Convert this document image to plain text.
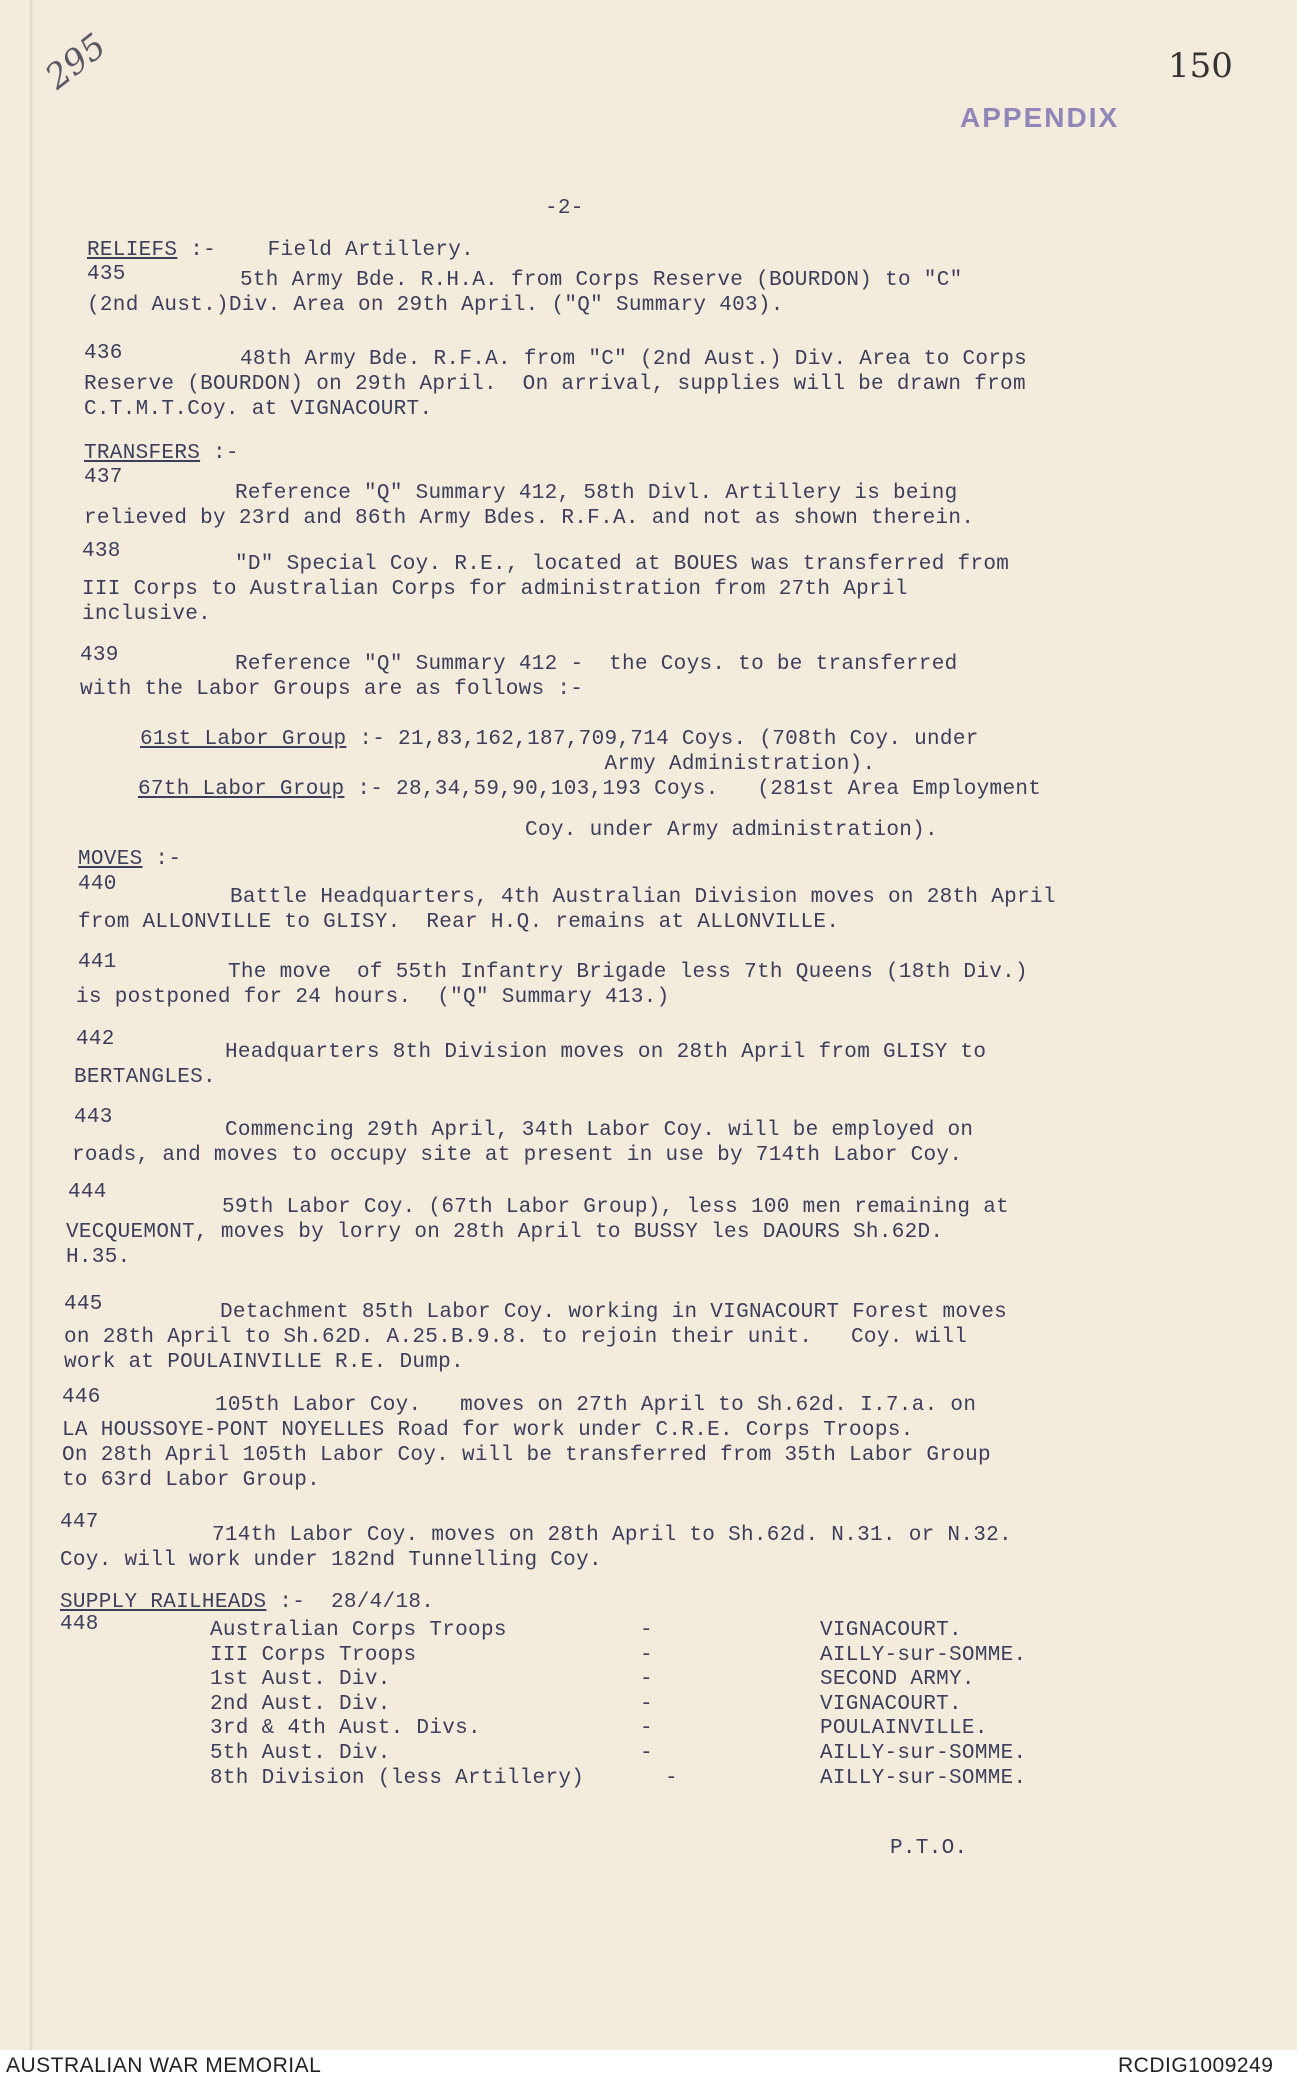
295	150
APPENDIX
-2-
RELIEFS :-    Field Artillery.
435	5th Army Bde. R.H.A. from Corps Reserve (BOURDON) to "C"
(2nd Aust.)Div. Area on 29th April. ("Q" Summary 403).
436	48th Army Bde. R.F.A. from "C" (2nd Aust.) Div. Area to Corps
Reserve (BOURDON) on 29th April.  On arrival, supplies will be drawn from
C.T.M.T.Coy. at VIGNACOURT.
TRANSFERS :-
437
Reference "Q" Summary 412, 58th Divl. Artillery is being
relieved by 23rd and 86th Army Bdes. R.F.A. and not as shown therein.
438
"D" Special Coy. R.E., located at BOUES was transferred from
III Corps to Australian Corps for administration from 27th April
inclusive.
439	Reference "Q" Summary 412 -  the Coys. to be transferred
with the Labor Groups are as follows :-
61st Labor Group :- 21,83,162,187,709,714 Coys. (708th Coy. under
Army Administration).
67th Labor Group :- 28,34,59,90,103,193 Coys.   (281st Area Employment
Coy. under Army administration).
MOVES :-
440
Battle Headquarters, 4th Australian Division moves on 28th April
from ALLONVILLE to GLISY.  Rear H.Q. remains at ALLONVILLE.
441	The move  of 55th Infantry Brigade less 7th Queens (18th Div.)
is postponed for 24 hours.  ("Q" Summary 413.)
442
Headquarters 8th Division moves on 28th April from GLISY to
BERTANGLES.
443
Commencing 29th April, 34th Labor Coy. will be employed on
roads, and moves to occupy site at present in use by 714th Labor Coy.
444
59th Labor Coy. (67th Labor Group), less 100 men remaining at
VECQUEMONT, moves by lorry on 28th April to BUSSY les DAOURS Sh.62D.
H.35.
445	Detachment 85th Labor Coy. working in VIGNACOURT Forest moves
on 28th April to Sh.62D. A.25.B.9.8. to rejoin their unit.   Coy. will
work at POULAINVILLE R.E. Dump.
446	105th Labor Coy.   moves on 27th April to Sh.62d. I.7.a. on
LA HOUSSOYE-PONT NOYELLES Road for work under C.R.E. Corps Troops.
On 28th April 105th Labor Coy. will be transferred from 35th Labor Group
to 63rd Labor Group.
447
714th Labor Coy. moves on 28th April to Sh.62d. N.31. or N.32.
Coy. will work under 182nd Tunnelling Coy.
SUPPLY RAILHEADS :-  28/4/18.
448	Australian Corps Troops	-	VIGNACOURT.
III Corps Troops	-	AILLY-sur-SOMME.
1st Aust. Div.	-	SECOND ARMY.
2nd Aust. Div.	-	VIGNACOURT.
3rd & 4th Aust. Divs.	-	POULAINVILLE.
5th Aust. Div.	-	AILLY-sur-SOMME.
8th Division (less Artillery)	-	AILLY-sur-SOMME.
P.T.O.
AUSTRALIAN WAR MEMORIAL	RCDIG1009249
